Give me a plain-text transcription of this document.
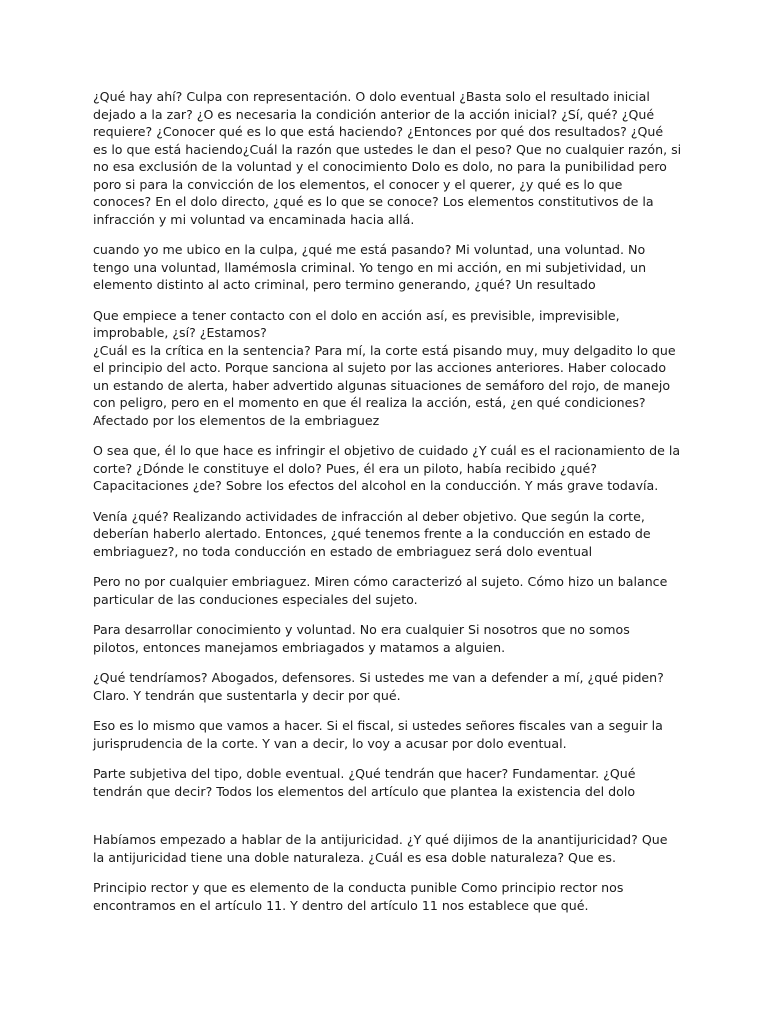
¿Qué hay ahí? Culpa con representación. O dolo eventual ¿Basta solo el resultado inicial
dejado a la zar? ¿O es necesaria la condición anterior de la acción inicial? ¿Sí, qué? ¿Qué
requiere? ¿Conocer qué es lo que está haciendo? ¿Entonces por qué dos resultados? ¿Qué
es lo que está haciendo¿Cuál la razón que ustedes le dan el peso? Que no cualquier razón, si
no esa exclusión de la voluntad y el conocimiento Dolo es dolo, no para la punibilidad pero
poro si para la convicción de los elementos, el conocer y el querer, ¿y qué es lo que
conoces? En el dolo directo, ¿qué es lo que se conoce? Los elementos constitutivos de la
infracción y mi voluntad va encaminada hacia allá.

cuando yo me ubico en la culpa, ¿qué me está pasando? Mi voluntad, una voluntad. No
tengo una voluntad, llamémosla criminal. Yo tengo en mi acción, en mi subjetividad, un
elemento distinto al acto criminal, pero termino generando, ¿qué? Un resultado

Que empiece a tener contacto con el dolo en acción así, es previsible, imprevisible,
improbable, ¿sí? ¿Estamos?
¿Cuál es la crítica en la sentencia? Para mí, la corte está pisando muy, muy delgadito lo que
el principio del acto. Porque sanciona al sujeto por las acciones anteriores. Haber colocado
un estando de alerta, haber advertido algunas situaciones de semáforo del rojo, de manejo
con peligro, pero en el momento en que él realiza la acción, está, ¿en qué condiciones?
Afectado por los elementos de la embriaguez

O sea que, él lo que hace es infringir el objetivo de cuidado ¿Y cuál es el racionamiento de la
corte? ¿Dónde le constituye el dolo? Pues, él era un piloto, había recibido ¿qué?
Capacitaciones ¿de? Sobre los efectos del alcohol en la conducción. Y más grave todavía.

Venía ¿qué? Realizando actividades de infracción al deber objetivo. Que según la corte,
deberían haberlo alertado. Entonces, ¿qué tenemos frente a la conducción en estado de
embriaguez?, no toda conducción en estado de embriaguez será dolo eventual

Pero no por cualquier embriaguez. Miren cómo caracterizó al sujeto. Cómo hizo un balance
particular de las conduciones especiales del sujeto.

Para desarrollar conocimiento y voluntad. No era cualquier Si nosotros que no somos
pilotos, entonces manejamos embriagados y matamos a alguien.

¿Qué tendríamos? Abogados, defensores. Si ustedes me van a defender a mí, ¿qué piden?
Claro. Y tendrán que sustentarla y decir por qué.

Eso es lo mismo que vamos a hacer. Si el fiscal, si ustedes señores fiscales van a seguir la
jurisprudencia de la corte. Y van a decir, lo voy a acusar por dolo eventual.

Parte subjetiva del tipo, doble eventual. ¿Qué tendrán que hacer? Fundamentar. ¿Qué
tendrán que decir? Todos los elementos del artículo que plantea la existencia del dolo

Habíamos empezado a hablar de la antijuricidad. ¿Y qué dijimos de la anantijuricidad? Que
la antijuricidad tiene una doble naturaleza. ¿Cuál es esa doble naturaleza? Que es.

Principio rector y que es elemento de la conducta punible Como principio rector nos
encontramos en el artículo 11. Y dentro del artículo 11 nos establece que qué.
